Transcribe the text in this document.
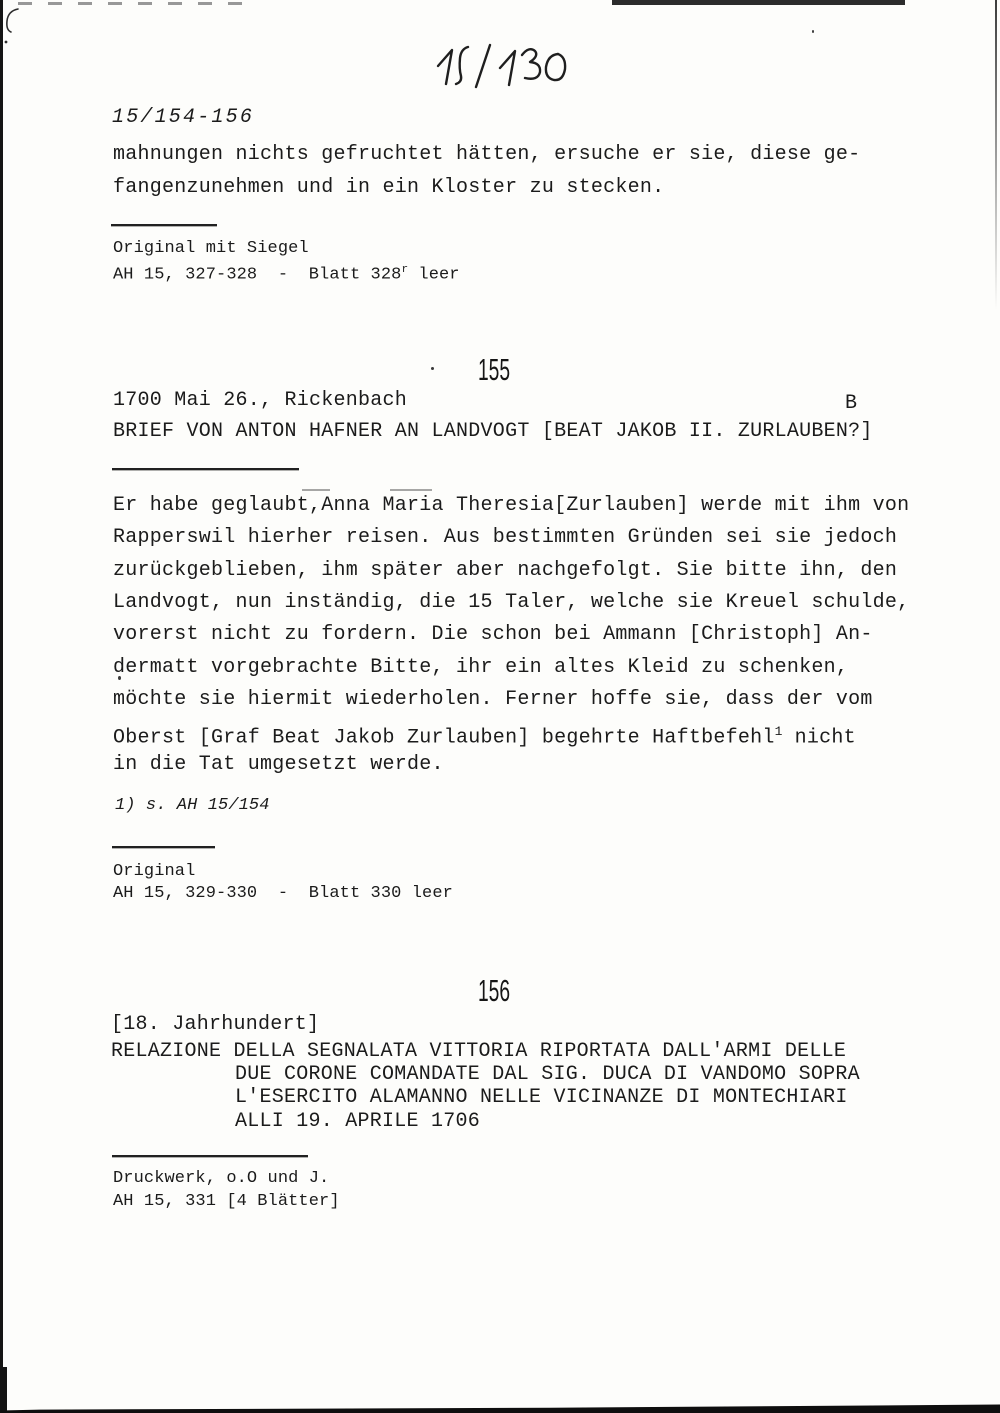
15/154-156
mahnungen nichts gefruchtet hätten, ersuche er sie, diese ge-
fangenzunehmen und in ein Kloster zu stecken.
Original mit Siegel
AH 15, 327-328  -  Blatt 328$^r$ leer
155
1700 Mai 26., Rickenbach	B
BRIEF VON ANTON HAFNER AN LANDVOGT [BEAT JAKOB II. ZURLAUBEN?]
Er habe geglaubt,Anna Maria Theresia[Zurlauben] werde mit ihm von
Rapperswil hierher reisen. Aus bestimmten Gründen sei sie jedoch
zurückgeblieben, ihm später aber nachgefolgt. Sie bitte ihn, den
Landvogt, nun inständig, die 15 Taler, welche sie Kreuel schulde,
vorerst nicht zu fordern. Die schon bei Ammann [Christoph] An-
dermatt vorgebrachte Bitte, ihr ein altes Kleid zu schenken,
möchte sie hiermit wiederholen. Ferner hoffe sie, dass der vom
Oberst [Graf Beat Jakob Zurlauben] begehrte Haftbefehl$^1$ nicht
in die Tat umgesetzt werde.
1) s. AH 15/154
Original
AH 15, 329-330  -  Blatt 330 leer
156
[18. Jahrhundert]
RELAZIONE DELLA SEGNALATA VITTORIA RIPORTATA DALL'ARMI DELLE
DUE CORONE COMANDATE DAL SIG. DUCA DI VANDOMO SOPRA
L'ESERCITO ALAMANNO NELLE VICINANZE DI MONTECHIARI
ALLI 19. APRILE 1706
Druckwerk, o.O und J.
AH 15, 331 [4 Blätter]
